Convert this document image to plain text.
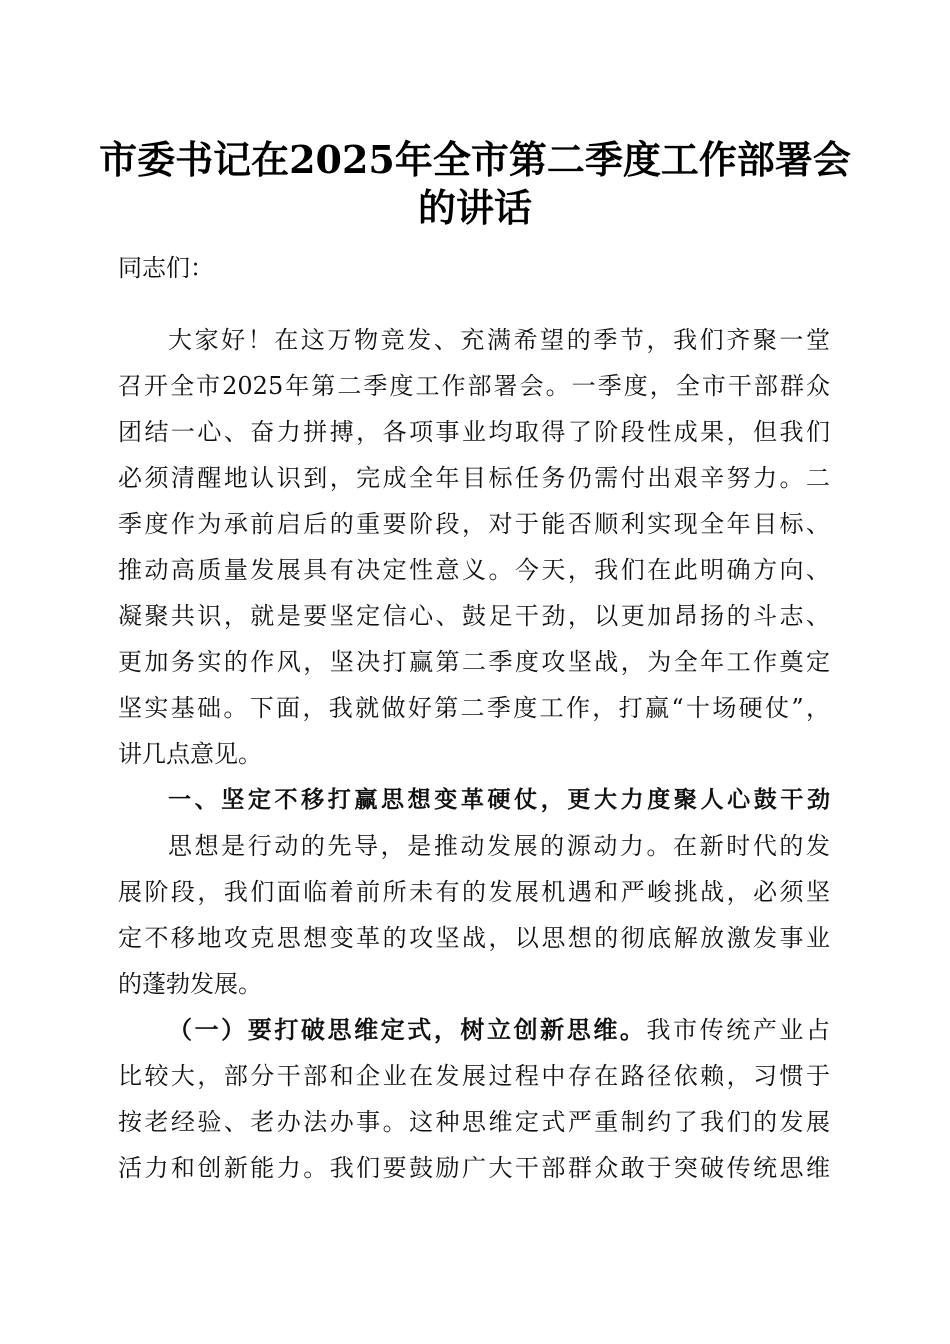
市委书记在2025年全市第二季度工作部署会
的讲话
同志们：
大家好！在这万物竞发、充满希望的季节，我们齐聚一堂
召开全市2025年第二季度工作部署会。一季度，全市干部群众
团结一心、奋力拼搏，各项事业均取得了阶段性成果，但我们
必须清醒地认识到，完成全年目标任务仍需付出艰辛努力。二
季度作为承前启后的重要阶段，对于能否顺利实现全年目标、
推动高质量发展具有决定性意义。今天，我们在此明确方向、
凝聚共识，就是要坚定信心、鼓足干劲，以更加昂扬的斗志、
更加务实的作风，坚决打赢第二季度攻坚战，为全年工作奠定
坚实基础。下面，我就做好第二季度工作，打赢“十场硬仗”，
讲几点意见。
一、坚定不移打赢思想变革硬仗，更大力度聚人心鼓干劲
思想是行动的先导，是推动发展的源动力。在新时代的发
展阶段，我们面临着前所未有的发展机遇和严峻挑战，必须坚
定不移地攻克思想变革的攻坚战，以思想的彻底解放激发事业
的蓬勃发展。
（一）要打破思维定式，树立创新思维。我市传统产业占
比较大，部分干部和企业在发展过程中存在路径依赖，习惯于
按老经验、老办法办事。这种思维定式严重制约了我们的发展
活力和创新能力。我们要鼓励广大干部群众敢于突破传统思维
